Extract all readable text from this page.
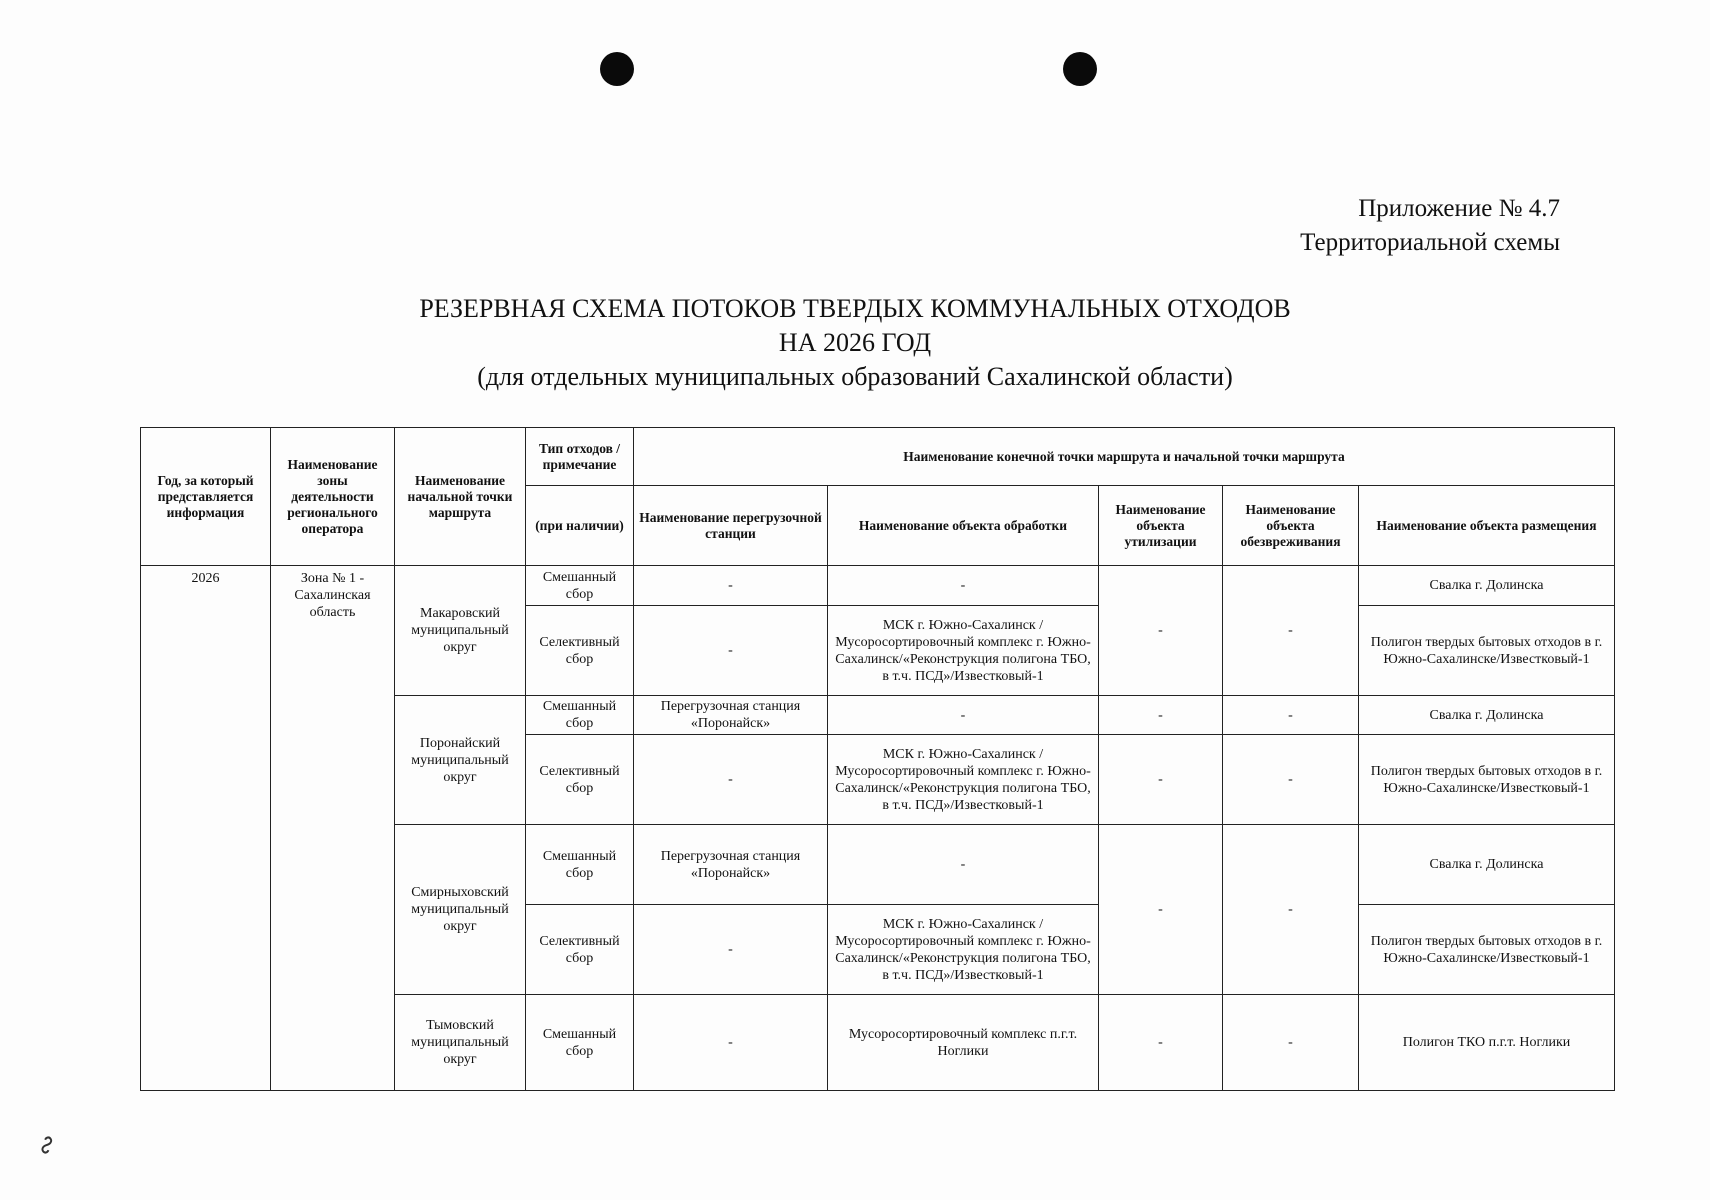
Приложение № 4.7
Территориальной схемы
РЕЗЕРВНАЯ СХЕМА ПОТОКОВ ТВЕРДЫХ КОММУНАЛЬНЫХ ОТХОДОВ
НА 2026 ГОД
(для отдельных муниципальных образований Сахалинской области)
Год, за который представляется информация	Наименование зоны деятельности регионального оператора	Наименование начальной точки маршрута	Тип отходов / примечание	Наименование конечной точки маршрута и начальной точки маршрута				
			(при наличии)	Наименование перегрузочной станции	Наименование объекта обработки	Наименование объекта утилизации	Наименование объекта обезвреживания	Наименование объекта размещения
2026	Зона № 1 - Сахалинская область	Макаровский муниципальный округ	Смешанный сбор	-	-	-	-	Свалка г. Долинска
			Селективный сбор	-	МСК г. Южно-Сахалинск / Мусоросортировочный комплекс г. Южно-Сахалинск/«Реконструкция полигона ТБО, в т.ч. ПСД»/Известковый-1			Полигон твердых бытовых отходов в г. Южно-Сахалинске/Известковый-1
		Поронайский муниципальный округ	Смешанный сбор	Перегрузочная станция «Поронайск»	-	-	-	Свалка г. Долинска
			Селективный сбор	-	МСК г. Южно-Сахалинск / Мусоросортировочный комплекс г. Южно-Сахалинск/«Реконструкция полигона ТБО, в т.ч. ПСД»/Известковый-1	-	-	Полигон твердых бытовых отходов в г. Южно-Сахалинске/Известковый-1
		Смирныховский муниципальный округ	Смешанный сбор	Перегрузочная станция «Поронайск»	-	-	-	Свалка г. Долинска
			Селективный сбор	-	МСК г. Южно-Сахалинск / Мусоросортировочный комплекс г. Южно-Сахалинск/«Реконструкция полигона ТБО, в т.ч. ПСД»/Известковый-1			Полигон твердых бытовых отходов в г. Южно-Сахалинске/Известковый-1
		Тымовский муниципальный округ	Смешанный сбор	-	Мусоросортировочный комплекс п.г.т. Ноглики	-	-	Полигон ТКО п.г.т. Ноглики
∾
